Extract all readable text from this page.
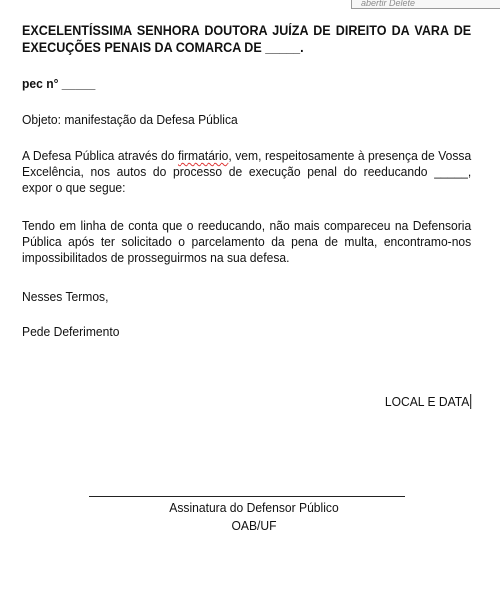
abertir Delete
EXCELENTÍSSIMA SENHORA DOUTORA JUÍZA DE DIREITO DA VARA DE EXECUÇÕES PENAIS DA COMARCA DE _____.
pec n° _____
Objeto: manifestação da Defesa Pública
A Defesa Pública através do firmatário, vem, respeitosamente à presença de Vossa Excelência, nos autos do processo de execução penal do reeducando _____, expor o que segue:
Tendo em linha de conta que o reeducando, não mais compareceu na Defensoria Pública após ter solicitado o parcelamento da pena de multa, encontramo-nos impossibilitados de prosseguirmos na sua defesa.
Nesses Termos,
Pede Deferimento
LOCAL E DATA
Assinatura do Defensor Público
OAB/UF
